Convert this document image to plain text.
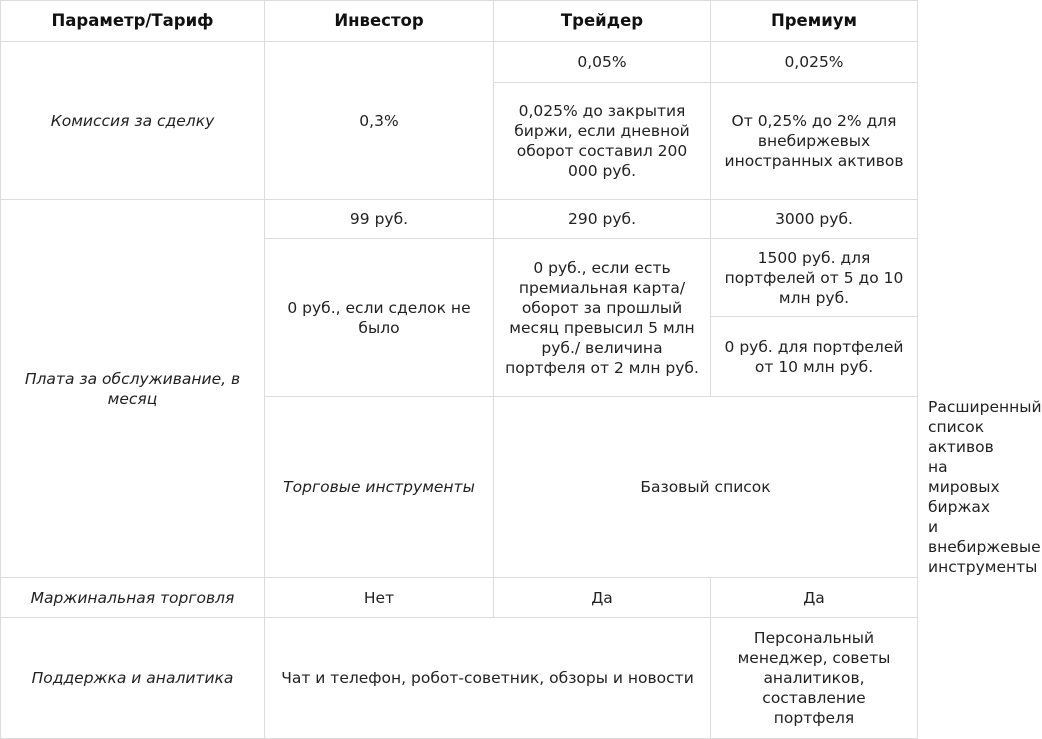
Параметр/Тариф	Инвестор	Трейдер	Премиум	
Комиссия за сделку	0,3%	0,05%	0,025%	
		0,025% до закрытия биржи, если дневной оборот составил 200 000 руб.	От 0,25% до 2% для внебиржевых иностранных активов	
Плата за обслуживание, в месяц	99 руб.	290 руб.	3000 руб.	
	0 руб., если сделок не было	0 руб., если есть премиальная карта/ оборот за прошлый месяц превысил 5 млн руб./ величина портфеля от 2 млн руб.	1500 руб. для портфелей от 5 до 10 млн руб.	
			0 руб. для портфелей от 10 млн руб.	
	Торговые инструменты	Базовый список		Расширенный список активов на мировых биржах и внебиржевые инструменты
Маржинальная торговля	Нет	Да	Да	
Поддержка и аналитика	Чат и телефон, робот-советник, обзоры и новости		Персональный менеджер, советы аналитиков, составление портфеля	
